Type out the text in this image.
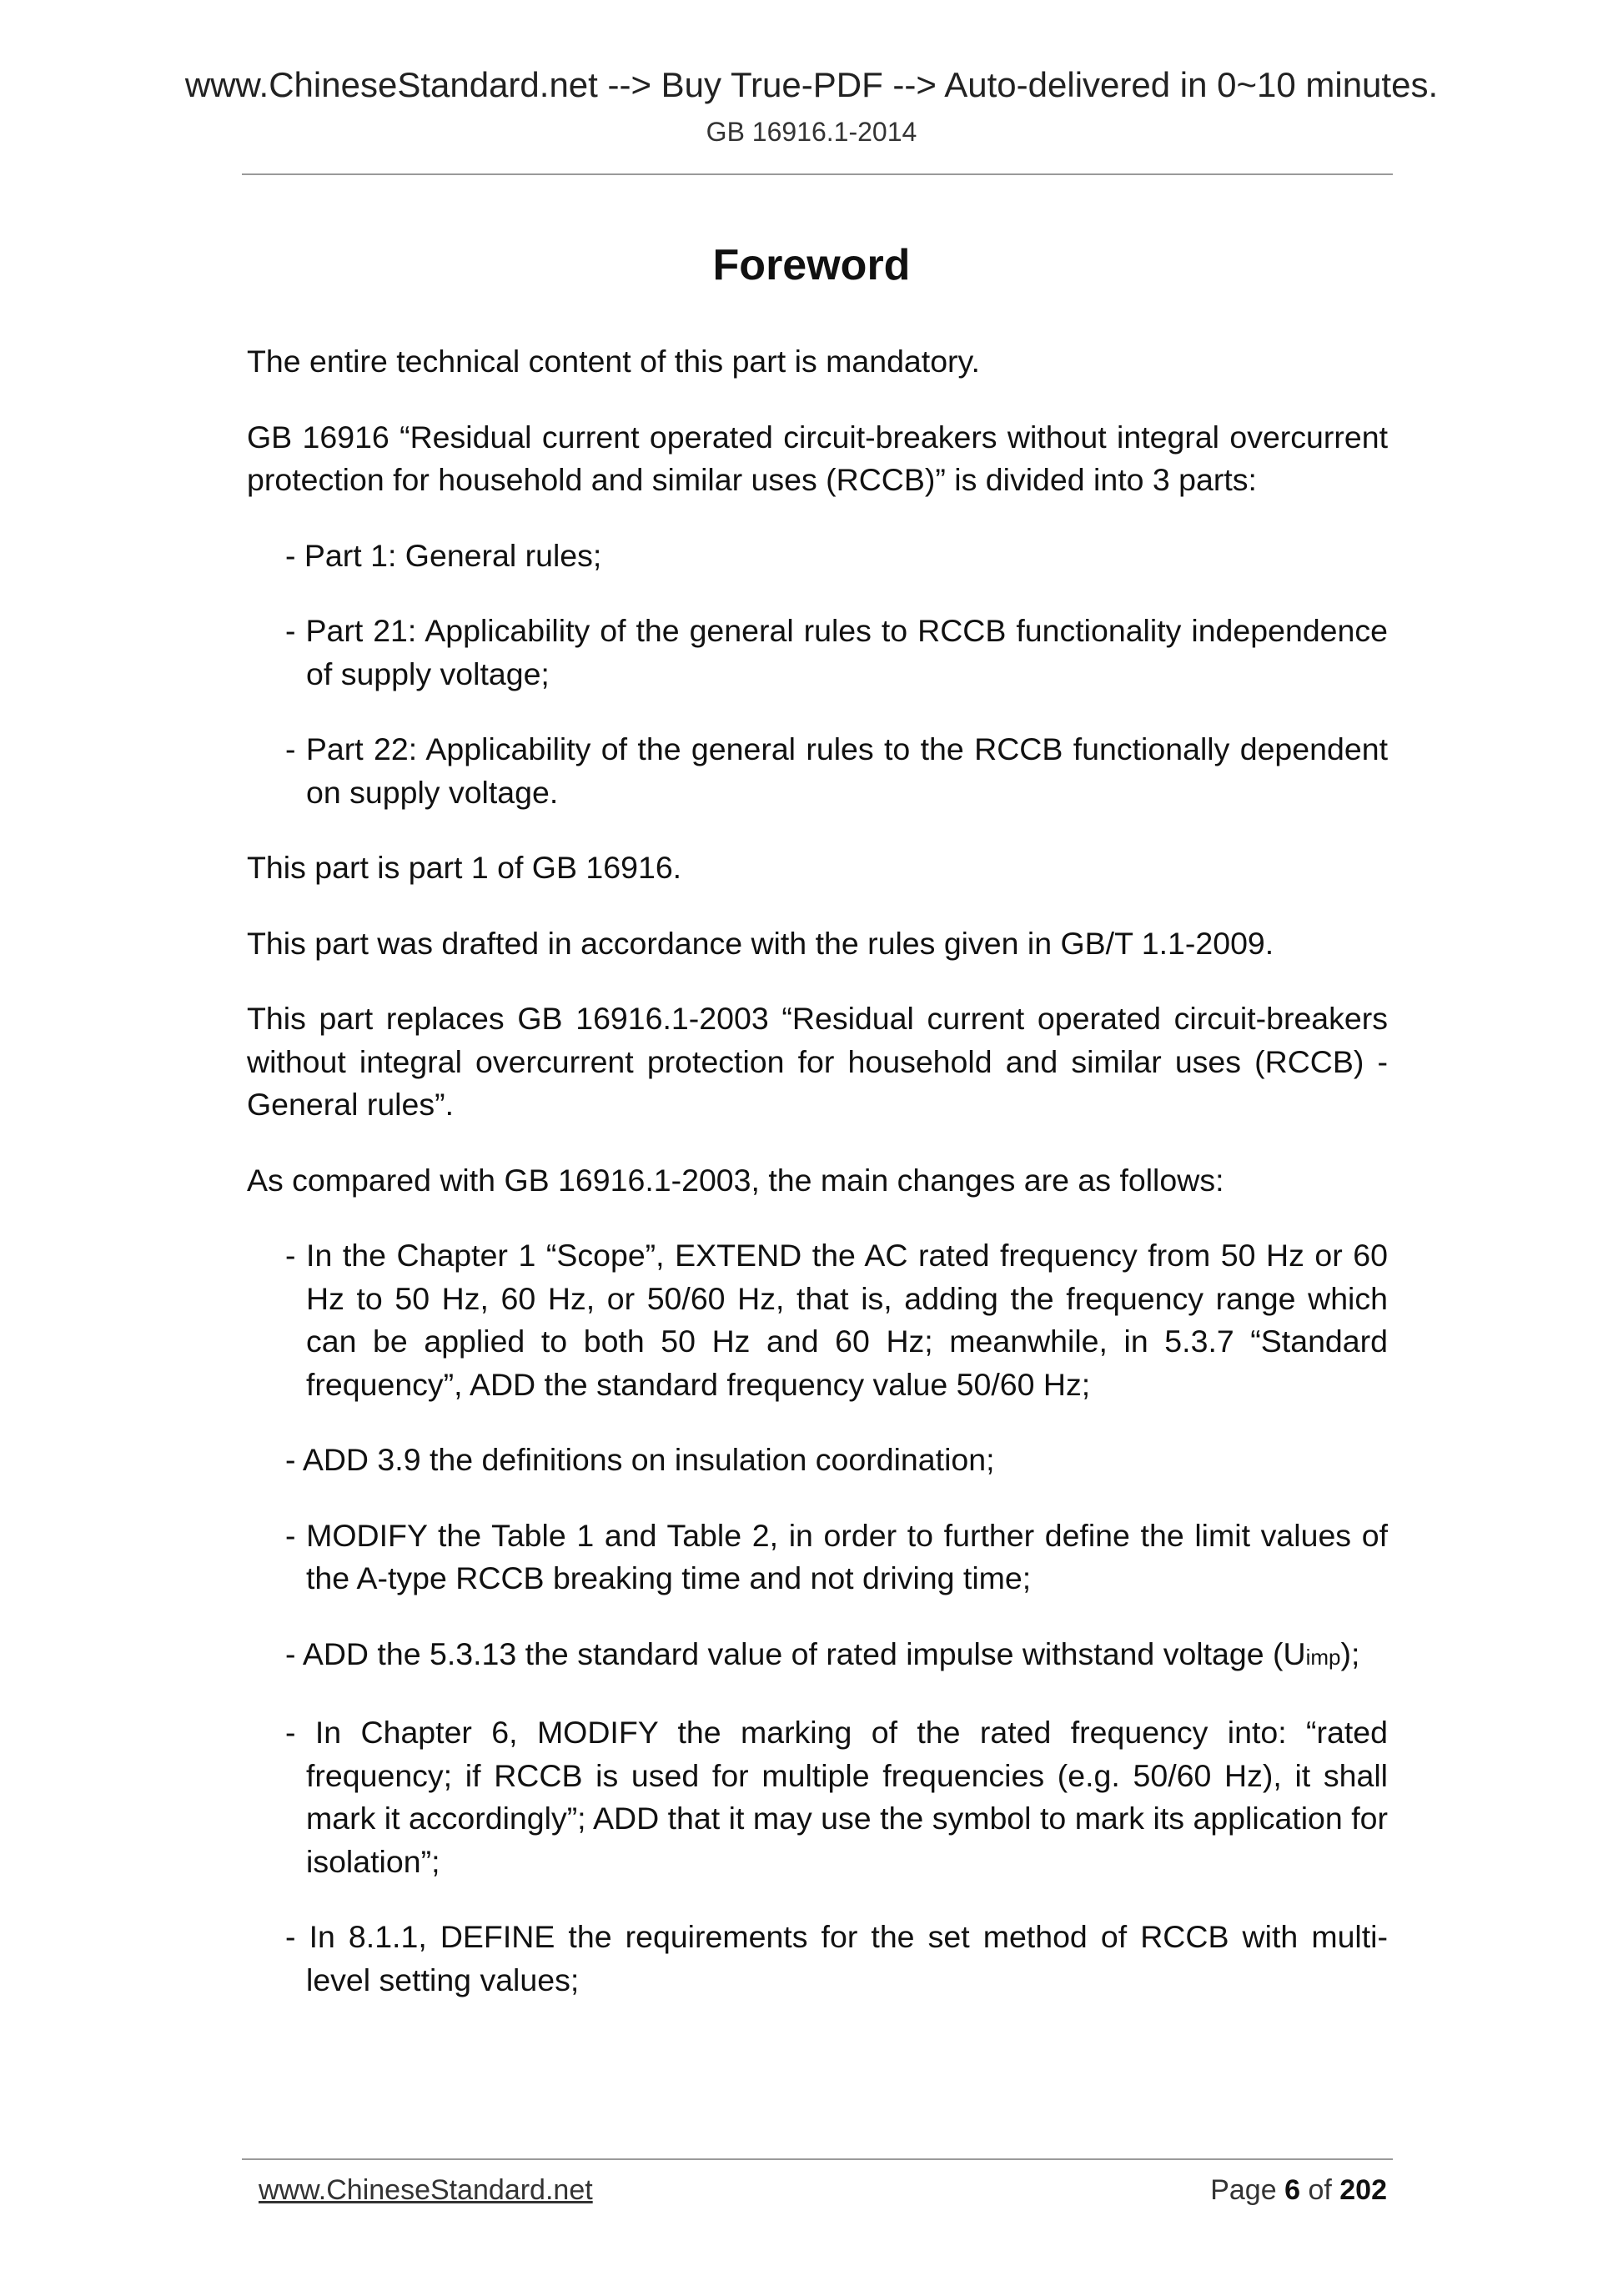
www.ChineseStandard.net --> Buy True-PDF --> Auto-delivered in 0~10 minutes.
GB 16916.1-2014
Foreword

The entire technical content of this part is mandatory.

GB 16916 “Residual current operated circuit-breakers without integral overcurrent protection for household and similar uses (RCCB)” is divided into 3 parts:

- Part 1: General rules;
- Part 21: Applicability of the general rules to RCCB functionality independence of supply voltage;
- Part 22: Applicability of the general rules to the RCCB functionally dependent on supply voltage.

This part is part 1 of GB 16916.

This part was drafted in accordance with the rules given in GB/T 1.1-2009.

This part replaces GB 16916.1-2003 “Residual current operated circuit-breakers without integral overcurrent protection for household and similar uses (RCCB) - General rules”.

As compared with GB 16916.1-2003, the main changes are as follows:

- In the Chapter 1 “Scope”, EXTEND the AC rated frequency from 50 Hz or 60 Hz to 50 Hz, 60 Hz, or 50/60 Hz, that is, adding the frequency range which can be applied to both 50 Hz and 60 Hz; meanwhile, in 5.3.7 “Standard frequency”, ADD the standard frequency value 50/60 Hz;
- ADD 3.9 the definitions on insulation coordination;
- MODIFY the Table 1 and Table 2, in order to further define the limit values of the A-type RCCB breaking time and not driving time;
- ADD the 5.3.13 the standard value of rated impulse withstand voltage (Uimp);
- In Chapter 6, MODIFY the marking of the rated frequency into: “rated frequency; if RCCB is used for multiple frequencies (e.g. 50/60 Hz), it shall mark it accordingly”; ADD that it may use the symbol to mark its application for isolation”;
- In 8.1.1, DEFINE the requirements for the set method of RCCB with multi-level setting values;
www.ChineseStandard.net	Page 6 of 202
